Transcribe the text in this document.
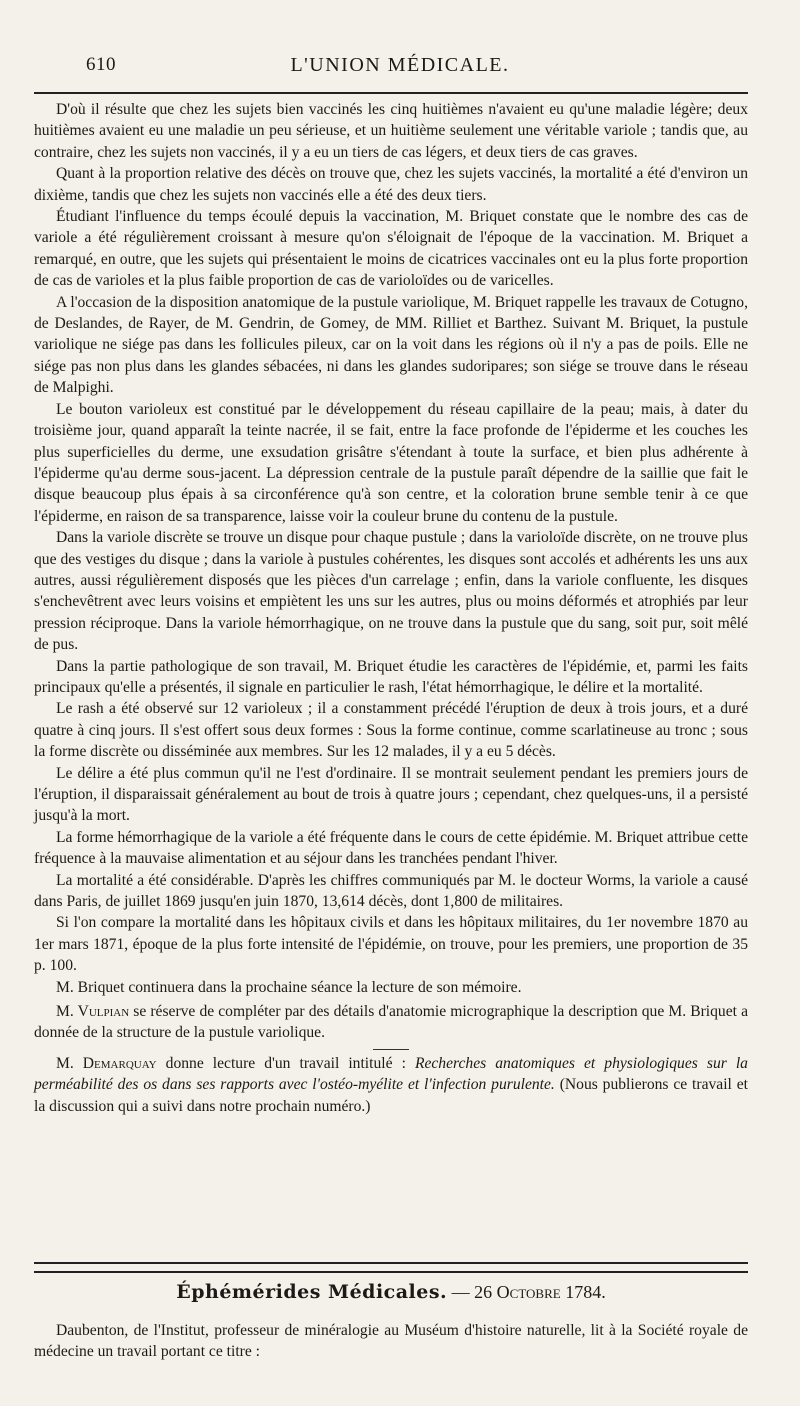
610	L'UNION MÉDICALE.

D'où il résulte que chez les sujets bien vaccinés les cinq huitièmes n'avaient eu qu'une maladie légère; deux huitièmes avaient eu une maladie un peu sérieuse, et un huitième seulement une véritable variole ; tandis que, au contraire, chez les sujets non vaccinés, il y a eu un tiers de cas légers, et deux tiers de cas graves.

Quant à la proportion relative des décès on trouve que, chez les sujets vaccinés, la mortalité a été d'environ un dixième, tandis que chez les sujets non vaccinés elle a été des deux tiers.

Étudiant l'influence du temps écoulé depuis la vaccination, M. Briquet constate que le nombre des cas de variole a été régulièrement croissant à mesure qu'on s'éloignait de l'époque de la vaccination. M. Briquet a remarqué, en outre, que les sujets qui présentaient le moins de cicatrices vaccinales ont eu la plus forte proportion de cas de varioles et la plus faible proportion de cas de varioloïdes ou de varicelles.

A l'occasion de la disposition anatomique de la pustule variolique, M. Briquet rappelle les travaux de Cotugno, de Deslandes, de Rayer, de M. Gendrin, de Gomey, de MM. Rilliet et Barthez. Suivant M. Briquet, la pustule variolique ne siége pas dans les follicules pileux, car on la voit dans les régions où il n'y a pas de poils. Elle ne siége pas non plus dans les glandes sébacées, ni dans les glandes sudoripares; son siége se trouve dans le réseau de Malpighi.

Le bouton varioleux est constitué par le développement du réseau capillaire de la peau; mais, à dater du troisième jour, quand apparaît la teinte nacrée, il se fait, entre la face profonde de l'épiderme et les couches les plus superficielles du derme, une exsudation grisâtre s'étendant à toute la surface, et bien plus adhérente à l'épiderme qu'au derme sous-jacent. La dépression centrale de la pustule paraît dépendre de la saillie que fait le disque beaucoup plus épais à sa circonférence qu'à son centre, et la coloration brune semble tenir à ce que l'épiderme, en raison de sa transparence, laisse voir la couleur brune du contenu de la pustule.

Dans la variole discrète se trouve un disque pour chaque pustule ; dans la varioloïde discrète, on ne trouve plus que des vestiges du disque ; dans la variole à pustules cohérentes, les disques sont accolés et adhérents les uns aux autres, aussi régulièrement disposés que les pièces d'un carrelage ; enfin, dans la variole confluente, les disques s'enchevêtrent avec leurs voisins et empiètent les uns sur les autres, plus ou moins déformés et atrophiés par leur pression réciproque. Dans la variole hémorrhagique, on ne trouve dans la pustule que du sang, soit pur, soit mêlé de pus.

Dans la partie pathologique de son travail, M. Briquet étudie les caractères de l'épidémie, et, parmi les faits principaux qu'elle a présentés, il signale en particulier le rash, l'état hémorrhagique, le délire et la mortalité.

Le rash a été observé sur 12 varioleux ; il a constamment précédé l'éruption de deux à trois jours, et a duré quatre à cinq jours. Il s'est offert sous deux formes : Sous la forme continue, comme scarlatineuse au tronc ; sous la forme discrète ou disséminée aux membres. Sur les 12 malades, il y a eu 5 décès.

Le délire a été plus commun qu'il ne l'est d'ordinaire. Il se montrait seulement pendant les premiers jours de l'éruption, il disparaissait généralement au bout de trois à quatre jours ; cependant, chez quelques-uns, il a persisté jusqu'à la mort.

La forme hémorrhagique de la variole a été fréquente dans le cours de cette épidémie. M. Briquet attribue cette fréquence à la mauvaise alimentation et au séjour dans les tranchées pendant l'hiver.

La mortalité a été considérable. D'après les chiffres communiqués par M. le docteur Worms, la variole a causé dans Paris, de juillet 1869 jusqu'en juin 1870, 13,614 décès, dont 1,800 de militaires.

Si l'on compare la mortalité dans les hôpitaux civils et dans les hôpitaux militaires, du 1er novembre 1870 au 1er mars 1871, époque de la plus forte intensité de l'épidémie, on trouve, pour les premiers, une proportion de 35 p. 100.

M. Briquet continuera dans la prochaine séance la lecture de son mémoire.

M. Vulpian se réserve de compléter par des détails d'anatomie micrographique la description que M. Briquet a donnée de la structure de la pustule variolique.

M. Demarquay donne lecture d'un travail intitulé : Recherches anatomiques et physiologiques sur la perméabilité des os dans ses rapports avec l'ostéo-myélite et l'infection purulente. (Nous publierons ce travail et la discussion qui a suivi dans notre prochain numéro.)

Éphémérides Médicales. — 26 Octobre 1784.

Daubenton, de l'Institut, professeur de minéralogie au Muséum d'histoire naturelle, lit à la Société royale de médecine un travail portant ce titre :
